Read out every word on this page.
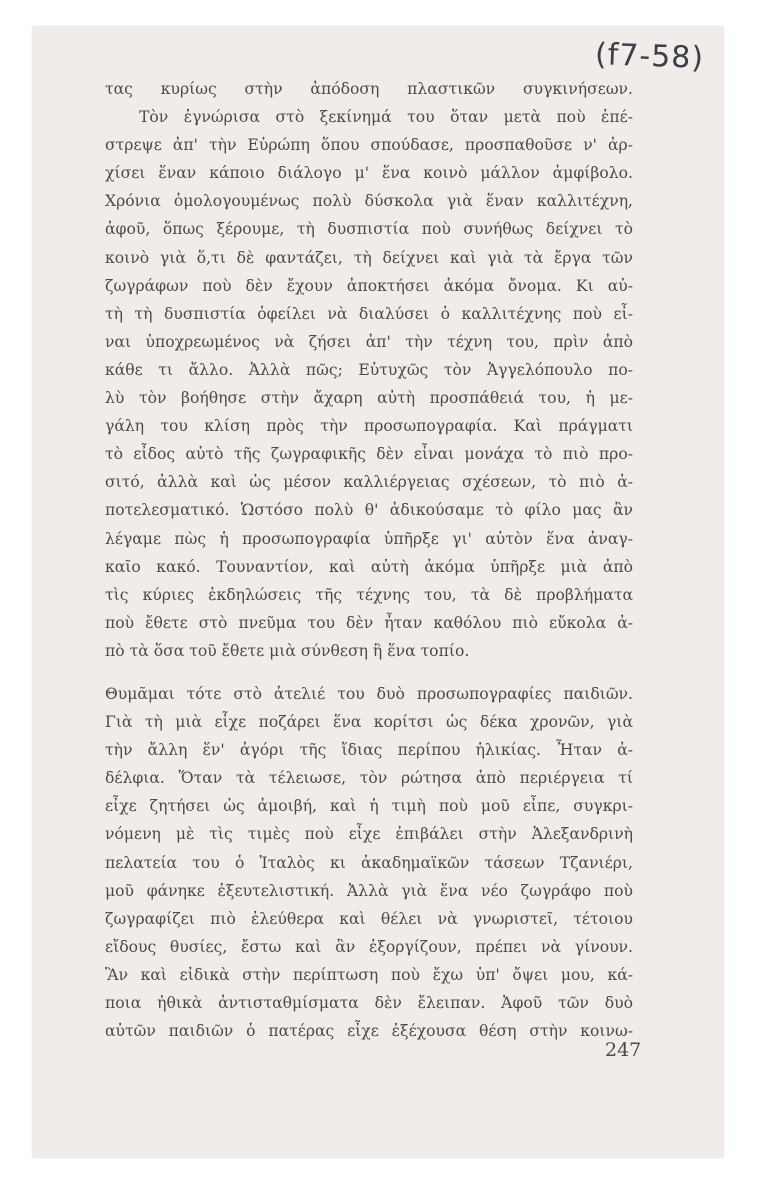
(f7-58)
τας κυρίως στὴν ἀπόδοση πλαστικῶν συγκινήσεων.
Τὸν ἐγνώρισα στὸ ξεκίνημά του ὅταν μετὰ ποὺ ἐπέ-
στρεψε ἀπ' τὴν Εὐρώπη ὅπου σπούδασε, προσπαθοῦσε ν' ἀρ-
χίσει ἕναν κάποιο διάλογο μ' ἕνα κοινὸ μάλλον ἀμφίβολο.
Χρόνια ὁμολογουμένως πολὺ δύσκολα γιὰ ἕναν καλλιτέχνη,
ἀφοῦ, ὅπως ξέρουμε, τὴ δυσπιστία ποὺ συνήθως δείχνει τὸ
κοινὸ γιὰ ὅ,τι δὲ φαντάζει, τὴ δείχνει καὶ γιὰ τὰ ἔργα τῶν
ζωγράφων ποὺ δὲν ἔχουν ἀποκτήσει ἀκόμα ὄνομα. Κι αὐ-
τὴ τὴ δυσπιστία ὀφείλει νὰ διαλύσει ὁ καλλιτέχνης ποὺ εἶ-
ναι ὑποχρεωμένος νὰ ζήσει ἀπ' τὴν τέχνη του, πρὶν ἀπὸ
κάθε τι ἄλλο. Ἀλλὰ πῶς; Εὐτυχῶς τὸν Ἀγγελόπουλο πο-
λὺ τὸν βοήθησε στὴν ἄχαρη αὐτὴ προσπάθειά του, ἡ με-
γάλη του κλίση πρὸς τὴν προσωπογραφία. Καὶ πράγματι
τὸ εἶδος αὐτὸ τῆς ζωγραφικῆς δὲν εἶναι μονάχα τὸ πιὸ προ-
σιτό, ἀλλὰ καὶ ὡς μέσον καλλιέργειας σχέσεων, τὸ πιὸ ἀ-
ποτελεσματικό. Ὡστόσο πολὺ θ' ἀδικούσαμε τὸ φίλο μας ἂν
λέγαμε πὼς ἡ προσωπογραφία ὑπῆρξε γι' αὐτὸν ἕνα ἀναγ-
καῖο κακό. Τουναντίον, καὶ αὐτὴ ἀκόμα ὑπῆρξε μιὰ ἀπὸ
τὶς κύριες ἐκδηλώσεις τῆς τέχνης του, τὰ δὲ προβλήματα
ποὺ ἔθετε στὸ πνεῦμα του δὲν ἦταν καθόλου πιὸ εὔκολα ἀ-
πὸ τὰ ὅσα τοῦ ἔθετε μιὰ σύνθεση ἢ ἕνα τοπίο.
Θυμᾶμαι τότε στὸ ἀτελιέ του δυὸ προσωπογραφίες παιδιῶν.
Γιὰ τὴ μιὰ εἶχε ποζάρει ἕνα κορίτσι ὡς δέκα χρονῶν, γιὰ
τὴν ἄλλη ἕν' ἀγόρι τῆς ἴδιας περίπου ἡλικίας. Ἦταν ἀ-
δέλφια. Ὅταν τὰ τέλειωσε, τὸν ρώτησα ἀπὸ περιέργεια τί
εἶχε ζητήσει ὡς ἀμοιβή, καὶ ἡ τιμὴ ποὺ μοῦ εἶπε, συγκρι-
νόμενη μὲ τὶς τιμὲς ποὺ εἶχε ἐπιβάλει στὴν Ἀλεξανδρινὴ
πελατεία του ὁ Ἰταλὸς κι ἀκαδημαϊκῶν τάσεων Τζανιέρι,
μοῦ φάνηκε ἐξευτελιστική. Ἀλλὰ γιὰ ἕνα νέο ζωγράφο ποὺ
ζωγραφίζει πιὸ ἐλεύθερα καὶ θέλει νὰ γνωριστεῖ, τέτοιου
εἴδους θυσίες, ἔστω καὶ ἂν ἐξοργίζουν, πρέπει νὰ γίνουν.
Ἂν καὶ εἰδικὰ στὴν περίπτωση ποὺ ἔχω ὑπ' ὄψει μου, κά-
ποια ἠθικὰ ἀντισταθμίσματα δὲν ἔλειπαν. Ἀφοῦ τῶν δυὸ
αὐτῶν παιδιῶν ὁ πατέρας εἶχε ἐξέχουσα θέση στὴν κοινω-
247
